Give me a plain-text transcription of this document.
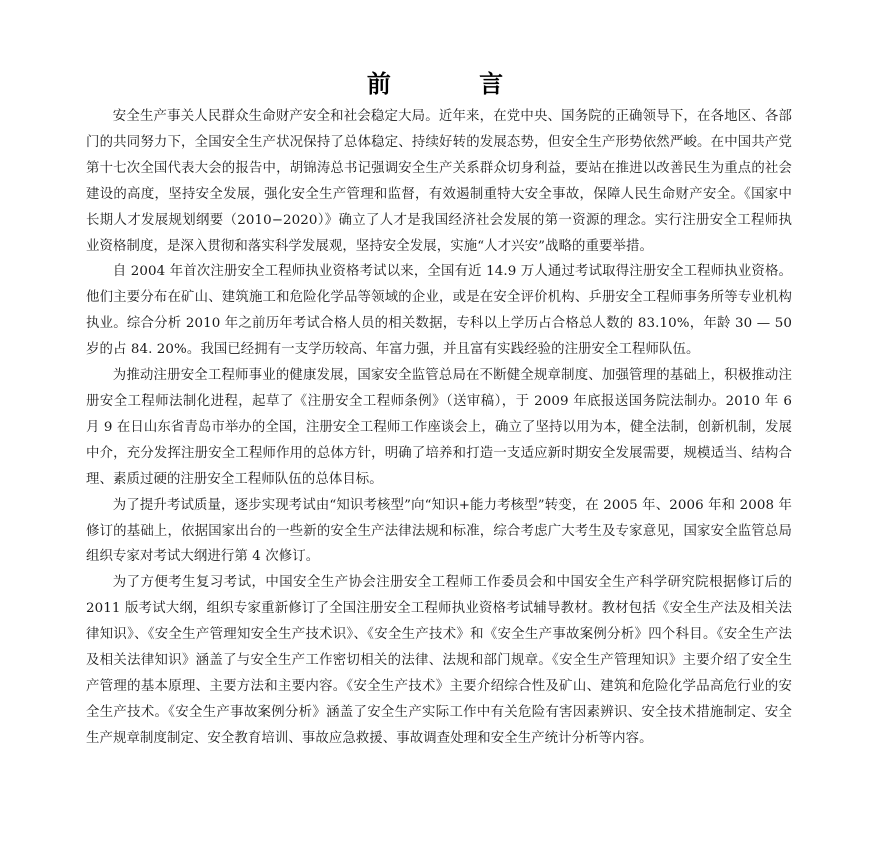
前 言

安全生产事关人民群众生命财产安全和社会稳定大局。近年来，在党中央、国务院的正确领导下，在各地区、各部门的共同努力下，全国安全生产状况保持了总体稳定、持续好转的发展态势，但安全生产形势依然严峻。在中国共产党第十七次全国代表大会的报告中，胡锦涛总书记强调安全生产关系群众切身利益，要站在推进以改善民生为重点的社会建设的高度，坚持安全发展，强化安全生产管理和监督，有效遏制重特大安全事故，保障人民生命财产安全。《国家中长期人才发展规划纲要（2010−2020）》确立了人才是我国经济社会发展的第一资源的理念。实行注册安全工程师执业资格制度，是深入贯彻和落实科学发展观，坚持安全发展，实施“人才兴安”战略的重要举措。

自 2004 年首次注册安全工程师执业资格考试以来，全国有近 14.9 万人通过考试取得注册安全工程师执业资格。他们主要分布在矿山、建筑施工和危险化学品等领域的企业，或是在安全评价机构、乒册安全工程师事务所等专业机构执业。综合分析 2010 年之前历年考试合格人员的相关数据，专科以上学历占合格总人数的 83.10%，年龄 30 — 50 岁的占 84. 20%。我国已经拥有一支学历较高、年富力强，并且富有实践经验的注册安全工程师队伍。

为推动注册安全工程师事业的健康发展，国家安全监管总局在不断健全规章制度、加强管理的基础上，积极推动注册安全工程师法制化进程，起草了《注册安全工程师条例》（送审稿），于 2009 年底报送国务院法制办。2010 年 6 月 9 在日山东省青岛市举办的全国，注册安全工程师工作座谈会上，确立了坚持以用为本，健全法制，创新机制，发展中介，充分发挥注册安全工程师作用的总体方针，明确了培养和打造一支适应新时期安全发展需要，规模适当、结构合理、素质过硬的注册安全工程师队伍的总体目标。

为了提升考试质量，逐步实现考试由“知识考核型”向“知识+能力考核型”转变，在 2005 年、2006 年和 2008 年修订的基础上，依据国家出台的一些新的安全生产法律法规和标准，综合考虑广大考生及专家意见，国家安全监管总局组织专家对考试大纲进行第 4 次修订。

为了方便考生复习考试，中国安全生产协会注册安全工程师工作委员会和中国安全生产科学研究院根据修订后的 2011 版考试大纲，组织专家重新修订了全国注册安全工程师执业资格考试辅导教材。教材包括《安全生产法及相关法律知识》、《安全生产管理知安全生产技术识》、《安全生产技术》和《安全生产事故案例分析》四个科目。《安全生产法及相关法律知识》涵盖了与安全生产工作密切相关的法律、法规和部门规章。《安全生产管理知识》主要介绍了安全生产管理的基本原理、主要方法和主要内容。《安全生产技术》主要介绍综合性及矿山、建筑和危险化学品高危行业的安全生产技术。《安全生产事故案例分析》涵盖了安全生产实际工作中有关危险有害因素辨识、安全技术措施制定、安全生产规章制度制定、安全教育培训、事故应急救援、事故调查处理和安全生产统计分析等内容。
